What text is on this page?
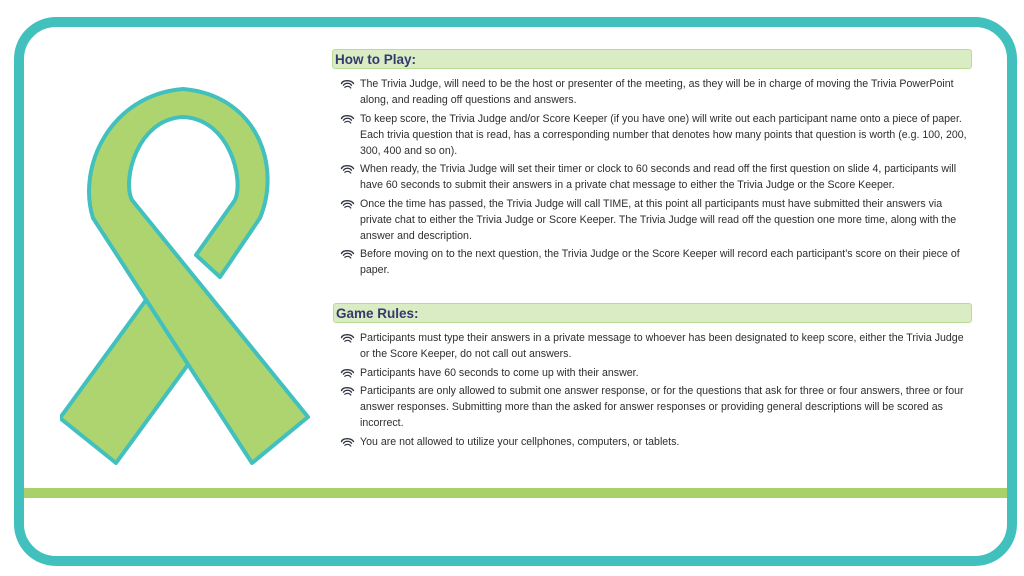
How to Play:
The Trivia Judge, will need to be the host or presenter of the meeting, as they will be in charge of moving the Trivia PowerPoint along, and reading off questions and answers.
To keep score, the Trivia Judge and/or Score Keeper (if you have one) will write out each participant name onto a piece of paper. Each trivia question that is read, has a corresponding number that denotes how many points that question is worth (e.g. 100, 200, 300, 400 and so on).
When ready, the Trivia Judge will set their timer or clock to 60 seconds and read off the first question on slide 4, participants will have 60 seconds to submit their answers in a private chat message to either the Trivia Judge or the Score Keeper.
Once the time has passed, the Trivia Judge will call TIME, at this point all participants must have submitted their answers via private chat to either the Trivia Judge or Score Keeper. The Trivia Judge will read off the question one more time, along with the answer and description.
Before moving on to the next question, the Trivia Judge or the Score Keeper will record each participant's score on their piece of paper.
Game Rules:
Participants must type their answers in a private message to whoever has been designated to keep score, either the Trivia Judge or the Score Keeper, do not call out answers.
Participants have 60 seconds to come up with their answer.
Participants are only allowed to submit one answer response, or for the questions that ask for three or four answers, three or four answer responses. Submitting more than the asked for answer responses or providing general descriptions will be scored as incorrect.
You are not allowed to utilize your cellphones, computers, or tablets.
